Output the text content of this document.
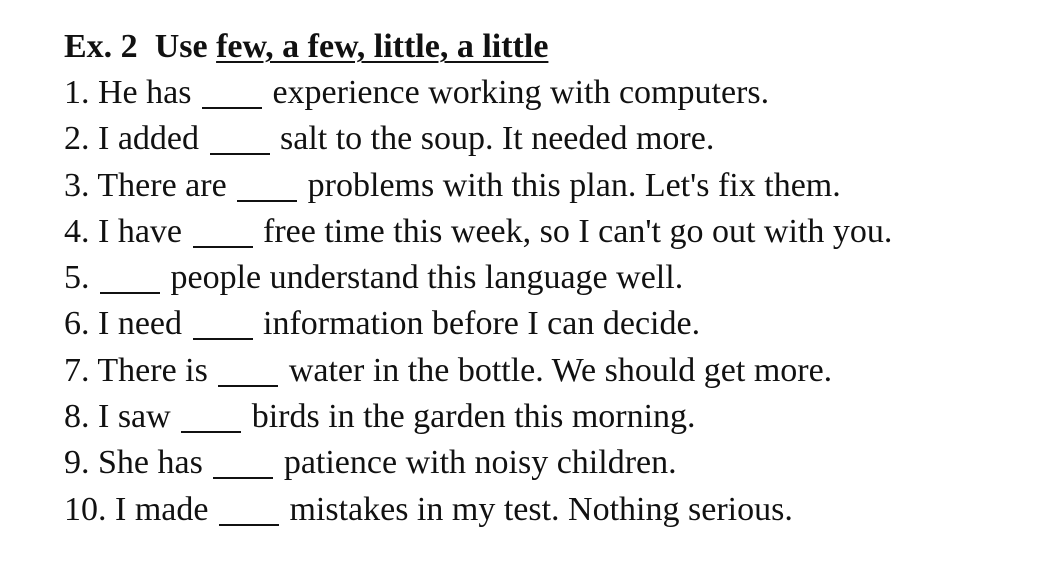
Ex. 2 Use few, a few, little, a little
1. He has experience working with computers.
2. I added salt to the soup. It needed more.
3. There are problems with this plan. Let's fix them.
4. I have free time this week, so I can't go out with you.
5. people understand this language well.
6. I need information before I can decide.
7. There is water in the bottle. We should get more.
8. I saw birds in the garden this morning.
9. She has patience with noisy children.
10. I made mistakes in my test. Nothing serious.
